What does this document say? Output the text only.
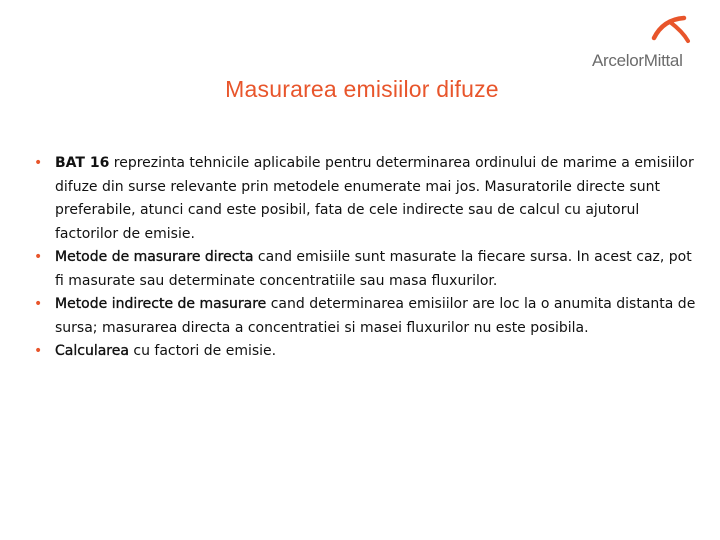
ArcelorMittal
Masurarea emisiilor difuze
• BAT 16 reprezinta tehnicile aplicabile pentru determinarea ordinului de marime a emisiilor difuze din surse relevante prin metodele enumerate mai jos. Masuratorile directe sunt preferabile, atunci cand este posibil, fata de cele indirecte sau de calcul cu ajutorul factorilor de emisie.
• Metode de masurare directa cand emisiile sunt masurate la fiecare sursa. In acest caz, pot fi masurate sau determinate concentratiile sau masa fluxurilor.
• Metode indirecte de masurare cand determinarea emisiilor are loc la o anumita distanta de sursa; masurarea directa a concentratiei si masei fluxurilor nu este posibila.
• Calcularea cu factori de emisie.
